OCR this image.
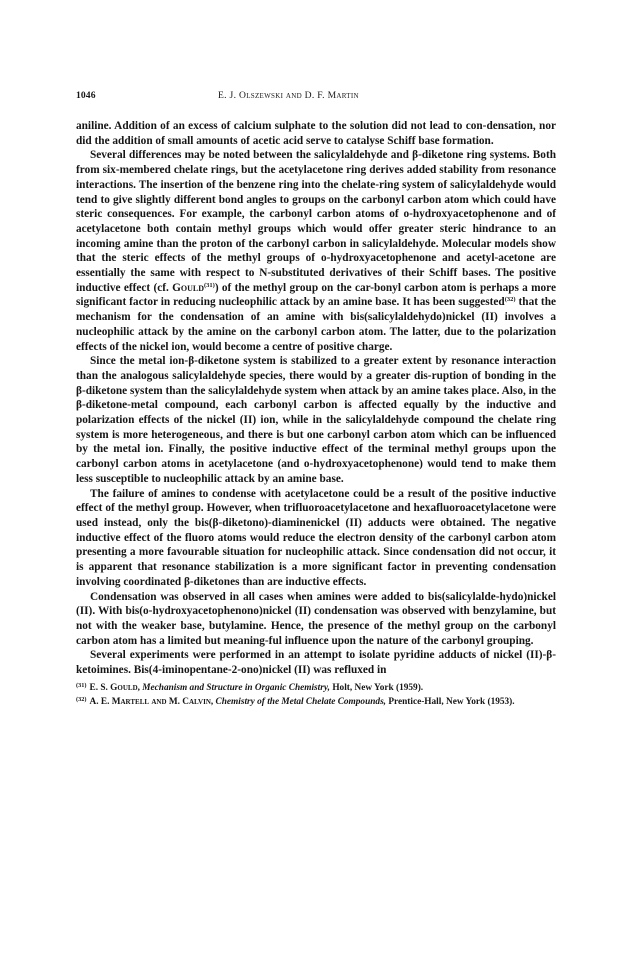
1046	E. J. Olszewski and D. F. Martin

aniline. Addition of an excess of calcium sulphate to the solution did not lead to con-densation, nor did the addition of small amounts of acetic acid serve to catalyse Schiff base formation.

Several differences may be noted between the salicylaldehyde and β-diketone ring systems. Both from six-membered chelate rings, but the acetylacetone ring derives added stability from resonance interactions. The insertion of the benzene ring into the chelate-ring system of salicylaldehyde would tend to give slightly different bond angles to groups on the carbonyl carbon atom which could have steric consequences. For example, the carbonyl carbon atoms of o-hydroxyacetophenone and of acetylacetone both contain methyl groups which would offer greater steric hindrance to an incoming amine than the proton of the carbonyl carbon in salicylaldehyde. Molecular models show that the steric effects of the methyl groups of o-hydroxyacetophenone and acetyl-acetone are essentially the same with respect to N-substituted derivatives of their Schiff bases. The positive inductive effect (cf. Gould$^{(31)}$) of the methyl group on the car-bonyl carbon atom is perhaps a more significant factor in reducing nucleophilic attack by an amine base. It has been suggested$^{(32)}$ that the mechanism for the condensation of an amine with bis(salicylaldehydo)nickel (II) involves a nucleophilic attack by the amine on the carbonyl carbon atom. The latter, due to the polarization effects of the nickel ion, would become a centre of positive charge.

Since the metal ion-β-diketone system is stabilized to a greater extent by resonance interaction than the analogous salicylaldehyde species, there would by a greater dis-ruption of bonding in the β-diketone system than the salicylaldehyde system when attack by an amine takes place. Also, in the β-diketone-metal compound, each carbonyl carbon is affected equally by the inductive and polarization effects of the nickel (II) ion, while in the salicylaldehyde compound the chelate ring system is more heterogeneous, and there is but one carbonyl carbon atom which can be influenced by the metal ion. Finally, the positive inductive effect of the terminal methyl groups upon the carbonyl carbon atoms in acetylacetone (and o-hydroxyacetophenone) would tend to make them less susceptible to nucleophilic attack by an amine base.

The failure of amines to condense with acetylacetone could be a result of the positive inductive effect of the methyl group. However, when trifluoroacetylacetone and hexafluoroacetylacetone were used instead, only the bis(β-diketono)-diaminenickel (II) adducts were obtained. The negative inductive effect of the fluoro atoms would reduce the electron density of the carbonyl carbon atom presenting a more favourable situation for nucleophilic attack. Since condensation did not occur, it is apparent that resonance stabilization is a more significant factor in preventing condensation involving coordinated β-diketones than are inductive effects.

Condensation was observed in all cases when amines were added to bis(salicylalde-hydo)nickel (II). With bis(o-hydroxyacetophenono)nickel (II) condensation was observed with benzylamine, but not with the weaker base, butylamine. Hence, the presence of the methyl group on the carbonyl carbon atom has a limited but meaning-ful influence upon the nature of the carbonyl grouping.

Several experiments were performed in an attempt to isolate pyridine adducts of nickel (II)-β-ketoimines. Bis(4-iminopentane-2-ono)nickel (II) was refluxed in

$^{(31)}$ E. S. Gould, Mechanism and Structure in Organic Chemistry, Holt, New York (1959).

$^{(32)}$ A. E. Martell and M. Calvin, Chemistry of the Metal Chelate Compounds, Prentice-Hall, New York (1953).
